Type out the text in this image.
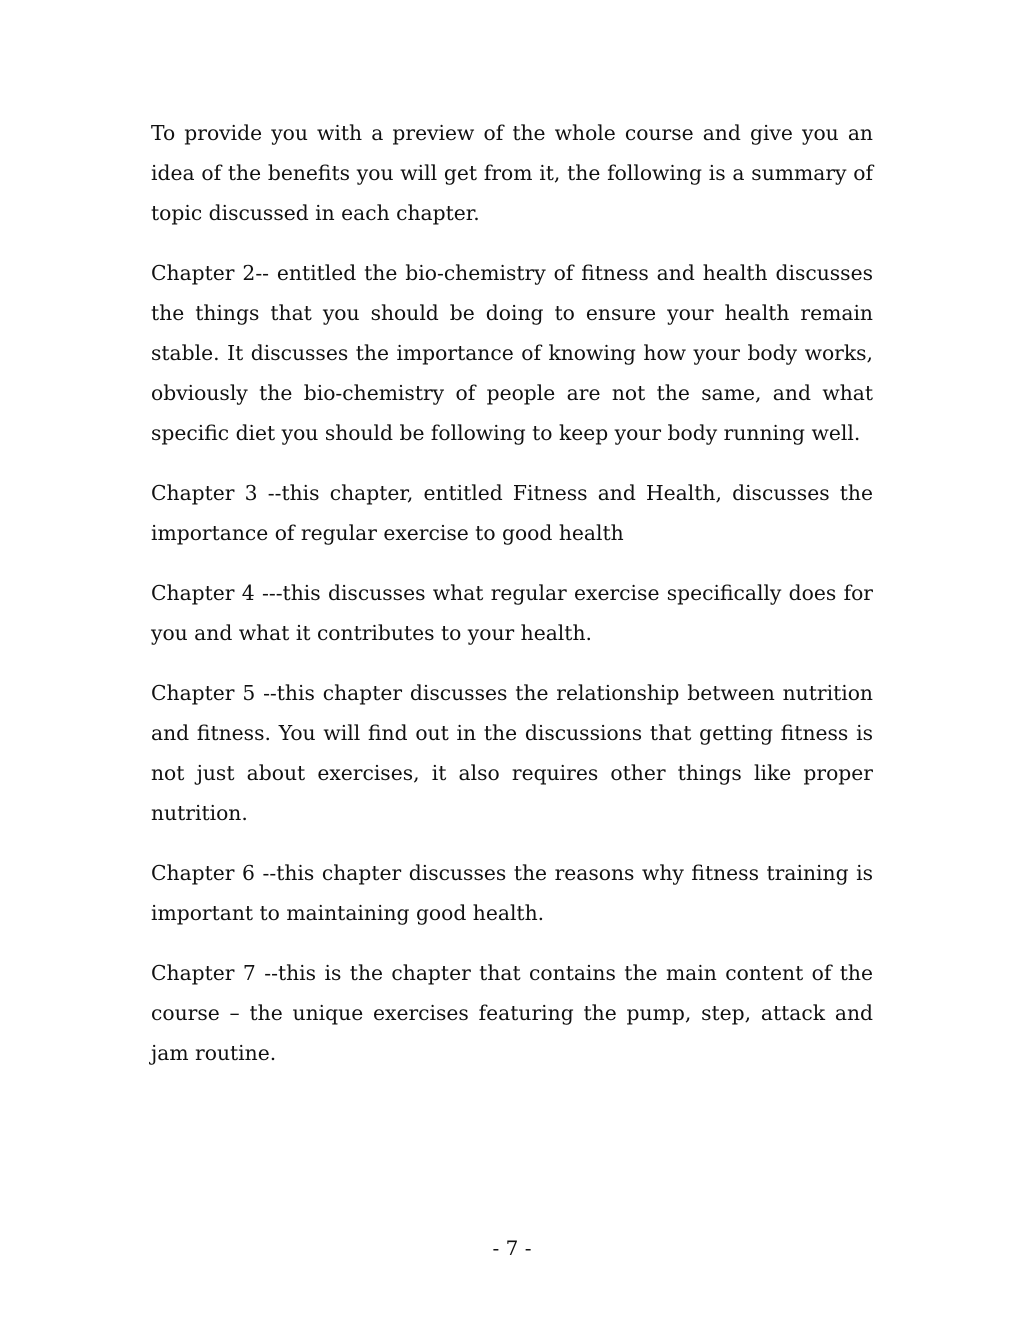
To provide you with a preview of the whole course and give you an idea of the benefits you will get from it, the following is a summary of topic discussed in each chapter.

Chapter 2-- entitled the bio-chemistry of fitness and health discusses the things that you should be doing to ensure your health remain stable. It discusses the importance of knowing how your body works, obviously the bio-chemistry of people are not the same, and what specific diet you should be following to keep your body running well.

Chapter 3 --this chapter, entitled Fitness and Health, discusses the importance of regular exercise to good health

Chapter 4 ---this discusses what regular exercise specifically does for you and what it contributes to your health.

Chapter 5 --this chapter discusses the relationship between nutrition and fitness. You will find out in the discussions that getting fitness is not just about exercises, it also requires other things like proper nutrition.

Chapter 6 --this chapter discusses the reasons why fitness training is important to maintaining good health.

Chapter 7 --this is the chapter that contains the main content of the course – the unique exercises featuring the pump, step, attack and jam routine.

- 7 -
